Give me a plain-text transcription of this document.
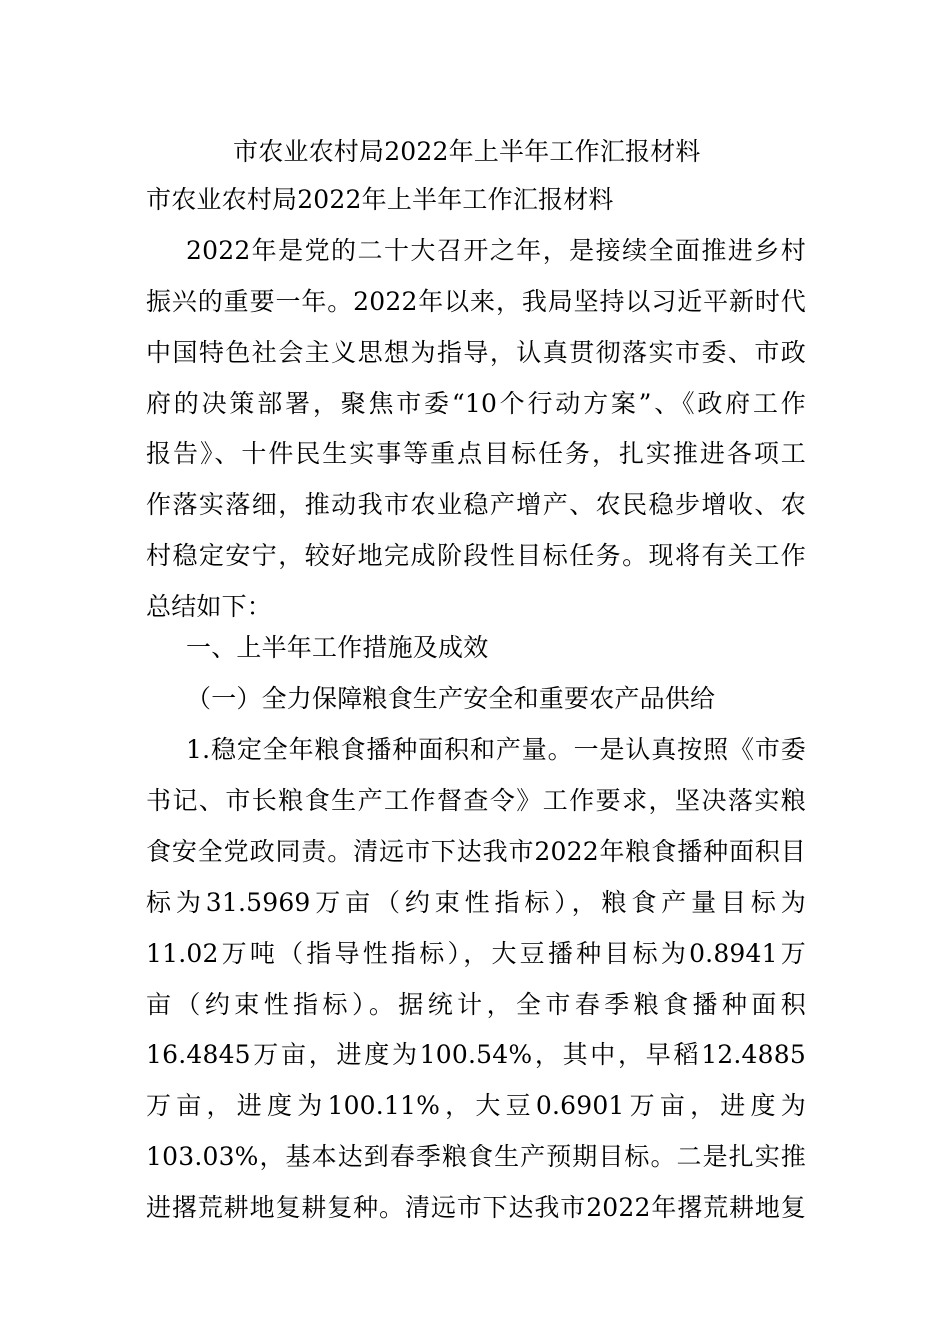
市农业农村局2022年上半年工作汇报材料
市农业农村局2022年上半年工作汇报材料
2022年是党的二十大召开之年，是接续全面推进乡村
振兴的重要一年。2022年以来，我局坚持以习近平新时代
中国特色社会主义思想为指导，认真贯彻落实市委、市政
府的决策部署，聚焦市委“10个行动方案”、《政府工作
报告》、十件民生实事等重点目标任务，扎实推进各项工
作落实落细，推动我市农业稳产增产、农民稳步增收、农
村稳定安宁，较好地完成阶段性目标任务。现将有关工作
总结如下：
一、上半年工作措施及成效
（一）全力保障粮食生产安全和重要农产品供给
1.稳定全年粮食播种面积和产量。一是认真按照《市委
书记、市长粮食生产工作督查令》工作要求，坚决落实粮
食安全党政同责。清远市下达我市2022年粮食播种面积目
标为31.5969万亩（约束性指标），粮食产量目标为
11.02万吨（指导性指标），大豆播种目标为0.8941万
亩（约束性指标）。据统计，全市春季粮食播种面积
16.4845万亩，进度为100.54%，其中，早稻12.4885
万亩，进度为100.11%，大豆0.6901万亩，进度为
103.03%，基本达到春季粮食生产预期目标。二是扎实推
进撂荒耕地复耕复种。清远市下达我市2022年撂荒耕地复
